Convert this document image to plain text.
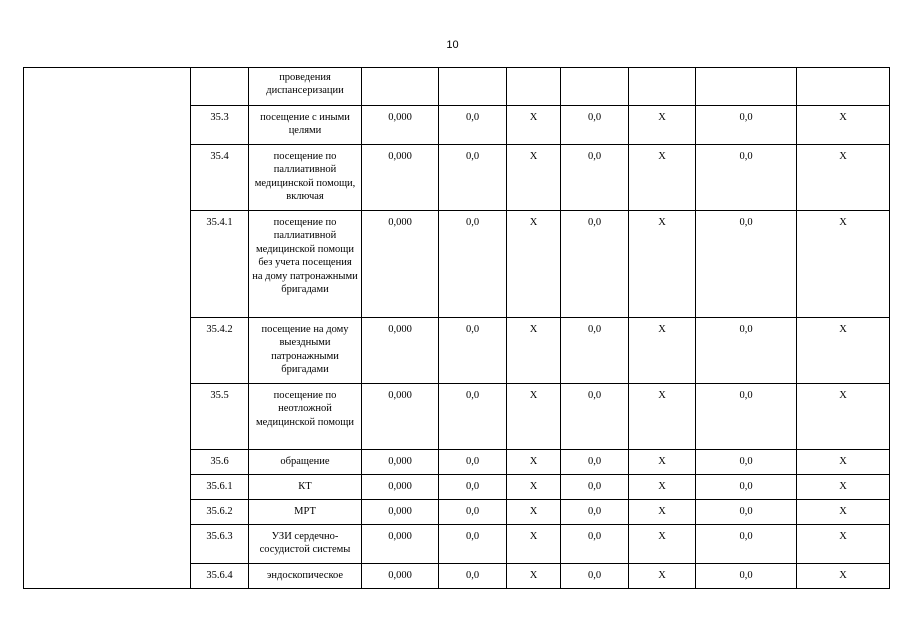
10
		проведения диспансеризации							
	35.3	посещение с иными целями	0,000	0,0	X	0,0	X	0,0	X
	35.4	посещение по паллиативной медицинской помощи, включая	0,000	0,0	X	0,0	X	0,0	X
	35.4.1	посещение по паллиативной медицинской помощи без учета посещения на дому патронажными бригадами	0,000	0,0	X	0,0	X	0,0	X
	35.4.2	посещение на дому выездными патронажными бригадами	0,000	0,0	X	0,0	X	0,0	X
	35.5	посещение по неотложной медицинской помощи	0,000	0,0	X	0,0	X	0,0	X
	35.6	обращение	0,000	0,0	X	0,0	X	0,0	X
	35.6.1	КТ	0,000	0,0	X	0,0	X	0,0	X
	35.6.2	МРТ	0,000	0,0	X	0,0	X	0,0	X
	35.6.3	УЗИ сердечно-сосудистой системы	0,000	0,0	X	0,0	X	0,0	X
	35.6.4	эндоскопическое	0,000	0,0	X	0,0	X	0,0	X
